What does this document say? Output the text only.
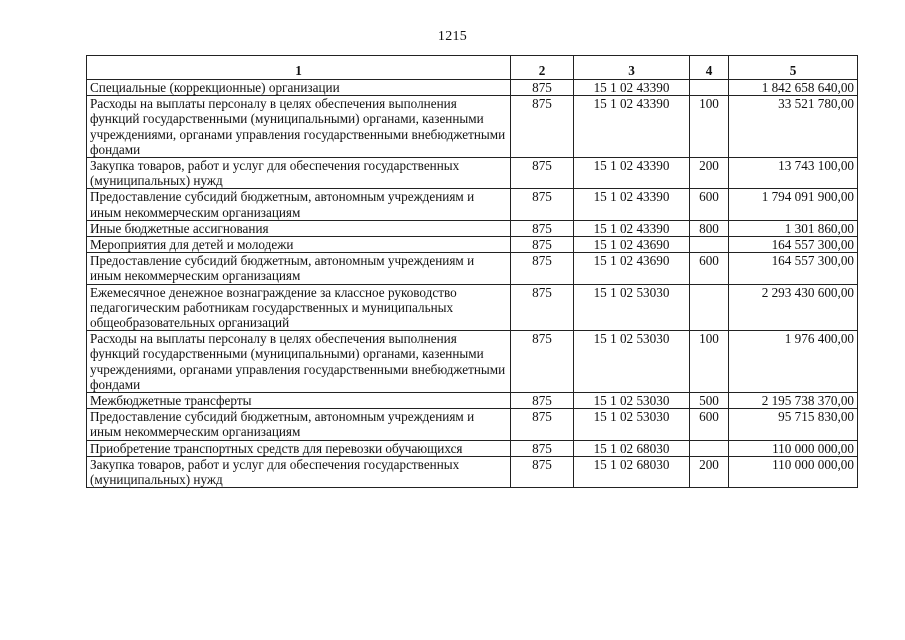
1215
1	2	3	4	5
Специальные (коррекционные) организации	875	15 1 02 43390		1 842 658 640,00
Расходы на выплаты персоналу в целях обеспечения выполнения функций государственными (муниципальными) органами, казенными учреждениями, органами управления государственными внебюджетными фондами	875	15 1 02 43390	100	33 521 780,00
Закупка товаров, работ и услуг для обеспечения государственных (муниципальных) нужд	875	15 1 02 43390	200	13 743 100,00
Предоставление субсидий бюджетным, автономным учреждениям и иным некоммерческим организациям	875	15 1 02 43390	600	1 794 091 900,00
Иные бюджетные ассигнования	875	15 1 02 43390	800	1 301 860,00
Мероприятия для детей и молодежи	875	15 1 02 43690		164 557 300,00
Предоставление субсидий бюджетным, автономным учреждениям и иным некоммерческим организациям	875	15 1 02 43690	600	164 557 300,00
Ежемесячное денежное вознаграждение за классное руководство педагогическим работникам государственных и муниципальных общеобразовательных организаций	875	15 1 02 53030		2 293 430 600,00
Расходы на выплаты персоналу в целях обеспечения выполнения функций государственными (муниципальными) органами, казенными учреждениями, органами управления государственными внебюджетными фондами	875	15 1 02 53030	100	1 976 400,00
Межбюджетные трансферты	875	15 1 02 53030	500	2 195 738 370,00
Предоставление субсидий бюджетным, автономным учреждениям и иным некоммерческим организациям	875	15 1 02 53030	600	95 715 830,00
Приобретение транспортных средств для перевозки обучающихся	875	15 1 02 68030		110 000 000,00
Закупка товаров, работ и услуг для обеспечения государственных (муниципальных) нужд	875	15 1 02 68030	200	110 000 000,00
